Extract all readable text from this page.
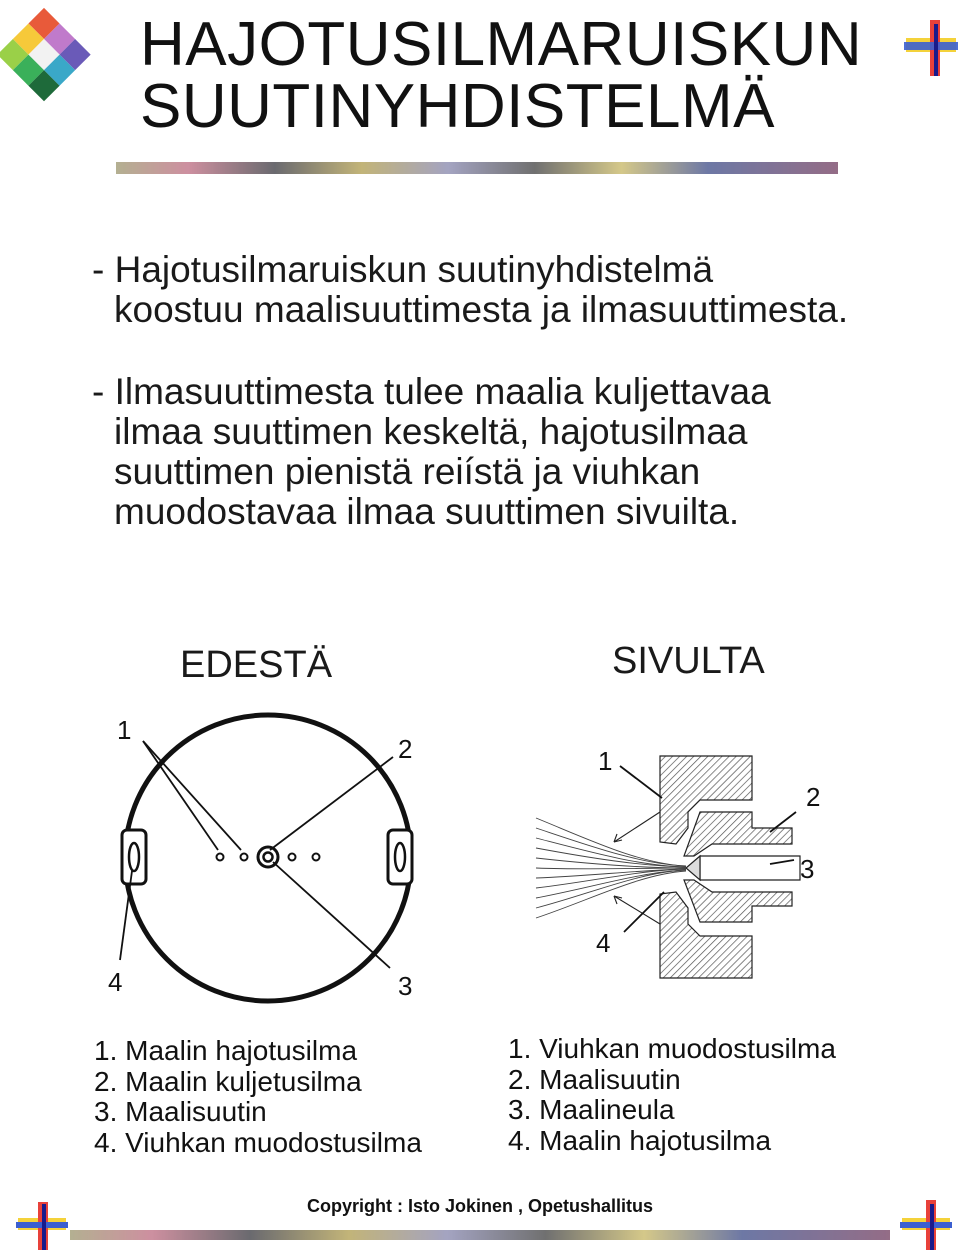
HAJOTUSILMARUISKUN
SUUTINYHDISTELMÄ

- Hajotusilmaruiskun suutinyhdistelmä
koostuu maalisuuttimesta ja ilmasuuttimesta.

- Ilmasuuttimesta tulee maalia kuljettavaa
ilmaa suuttimen keskeltä, hajotusilmaa
suuttimen pienistä reiístä ja viuhkan
muodostavaa ilmaa suuttimen sivuilta.

EDESTÄ	SIVULTA
1
2
3
4
1
2
3
4
1. Maalin hajotusilma
2. Maalin kuljetusilma
3. Maalisuutin
4. Viuhkan muodostusilma
1. Viuhkan muodostusilma
2. Maalisuutin
3. Maalineula
4. Maalin hajotusilma
Copyright : Isto Jokinen , Opetushallitus
